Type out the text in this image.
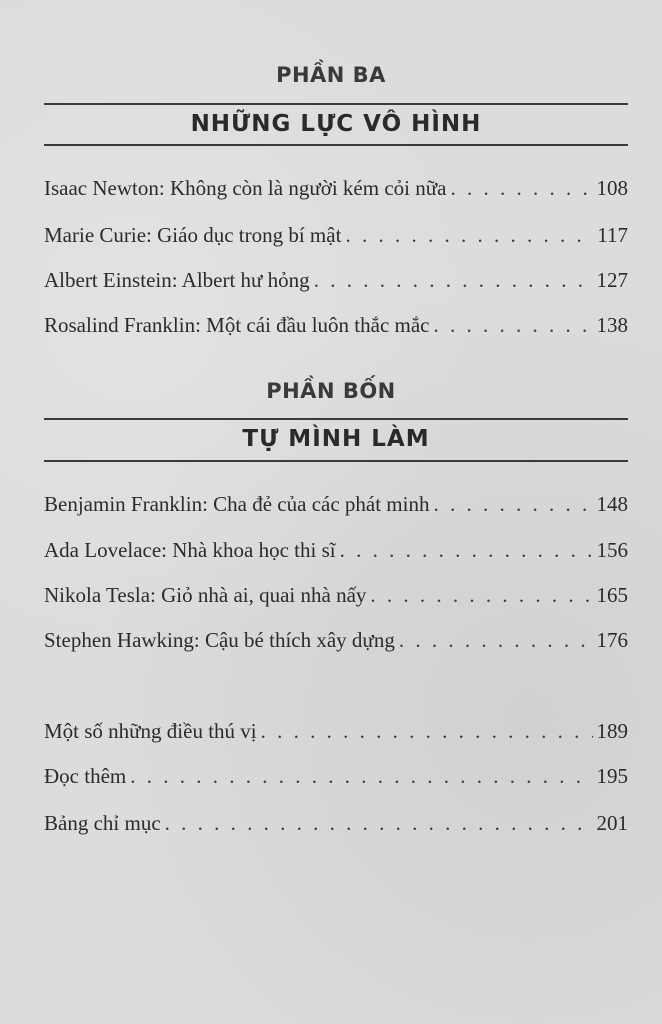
PHẦN BA
NHỮNG LỰC VÔ HÌNH
Isaac Newton: Không còn là người kém cỏi nữa . . .	108
Marie Curie: Giáo dục trong bí mật . . .	117
Albert Einstein: Albert hư hỏng . . .	127
Rosalind Franklin: Một cái đầu luôn thắc mắc . . .	138
PHẦN BỐN
TỰ MÌNH LÀM
Benjamin Franklin: Cha đẻ của các phát minh . . .	148
Ada Lovelace: Nhà khoa học thi sĩ . . .	156
Nikola Tesla: Giỏ nhà ai, quai nhà nấy . . .	165
Stephen Hawking: Cậu bé thích xây dựng . . .	176
Một số những điều thú vị . . .	189
Đọc thêm . . .	195
Bảng chỉ mục . . .	201
